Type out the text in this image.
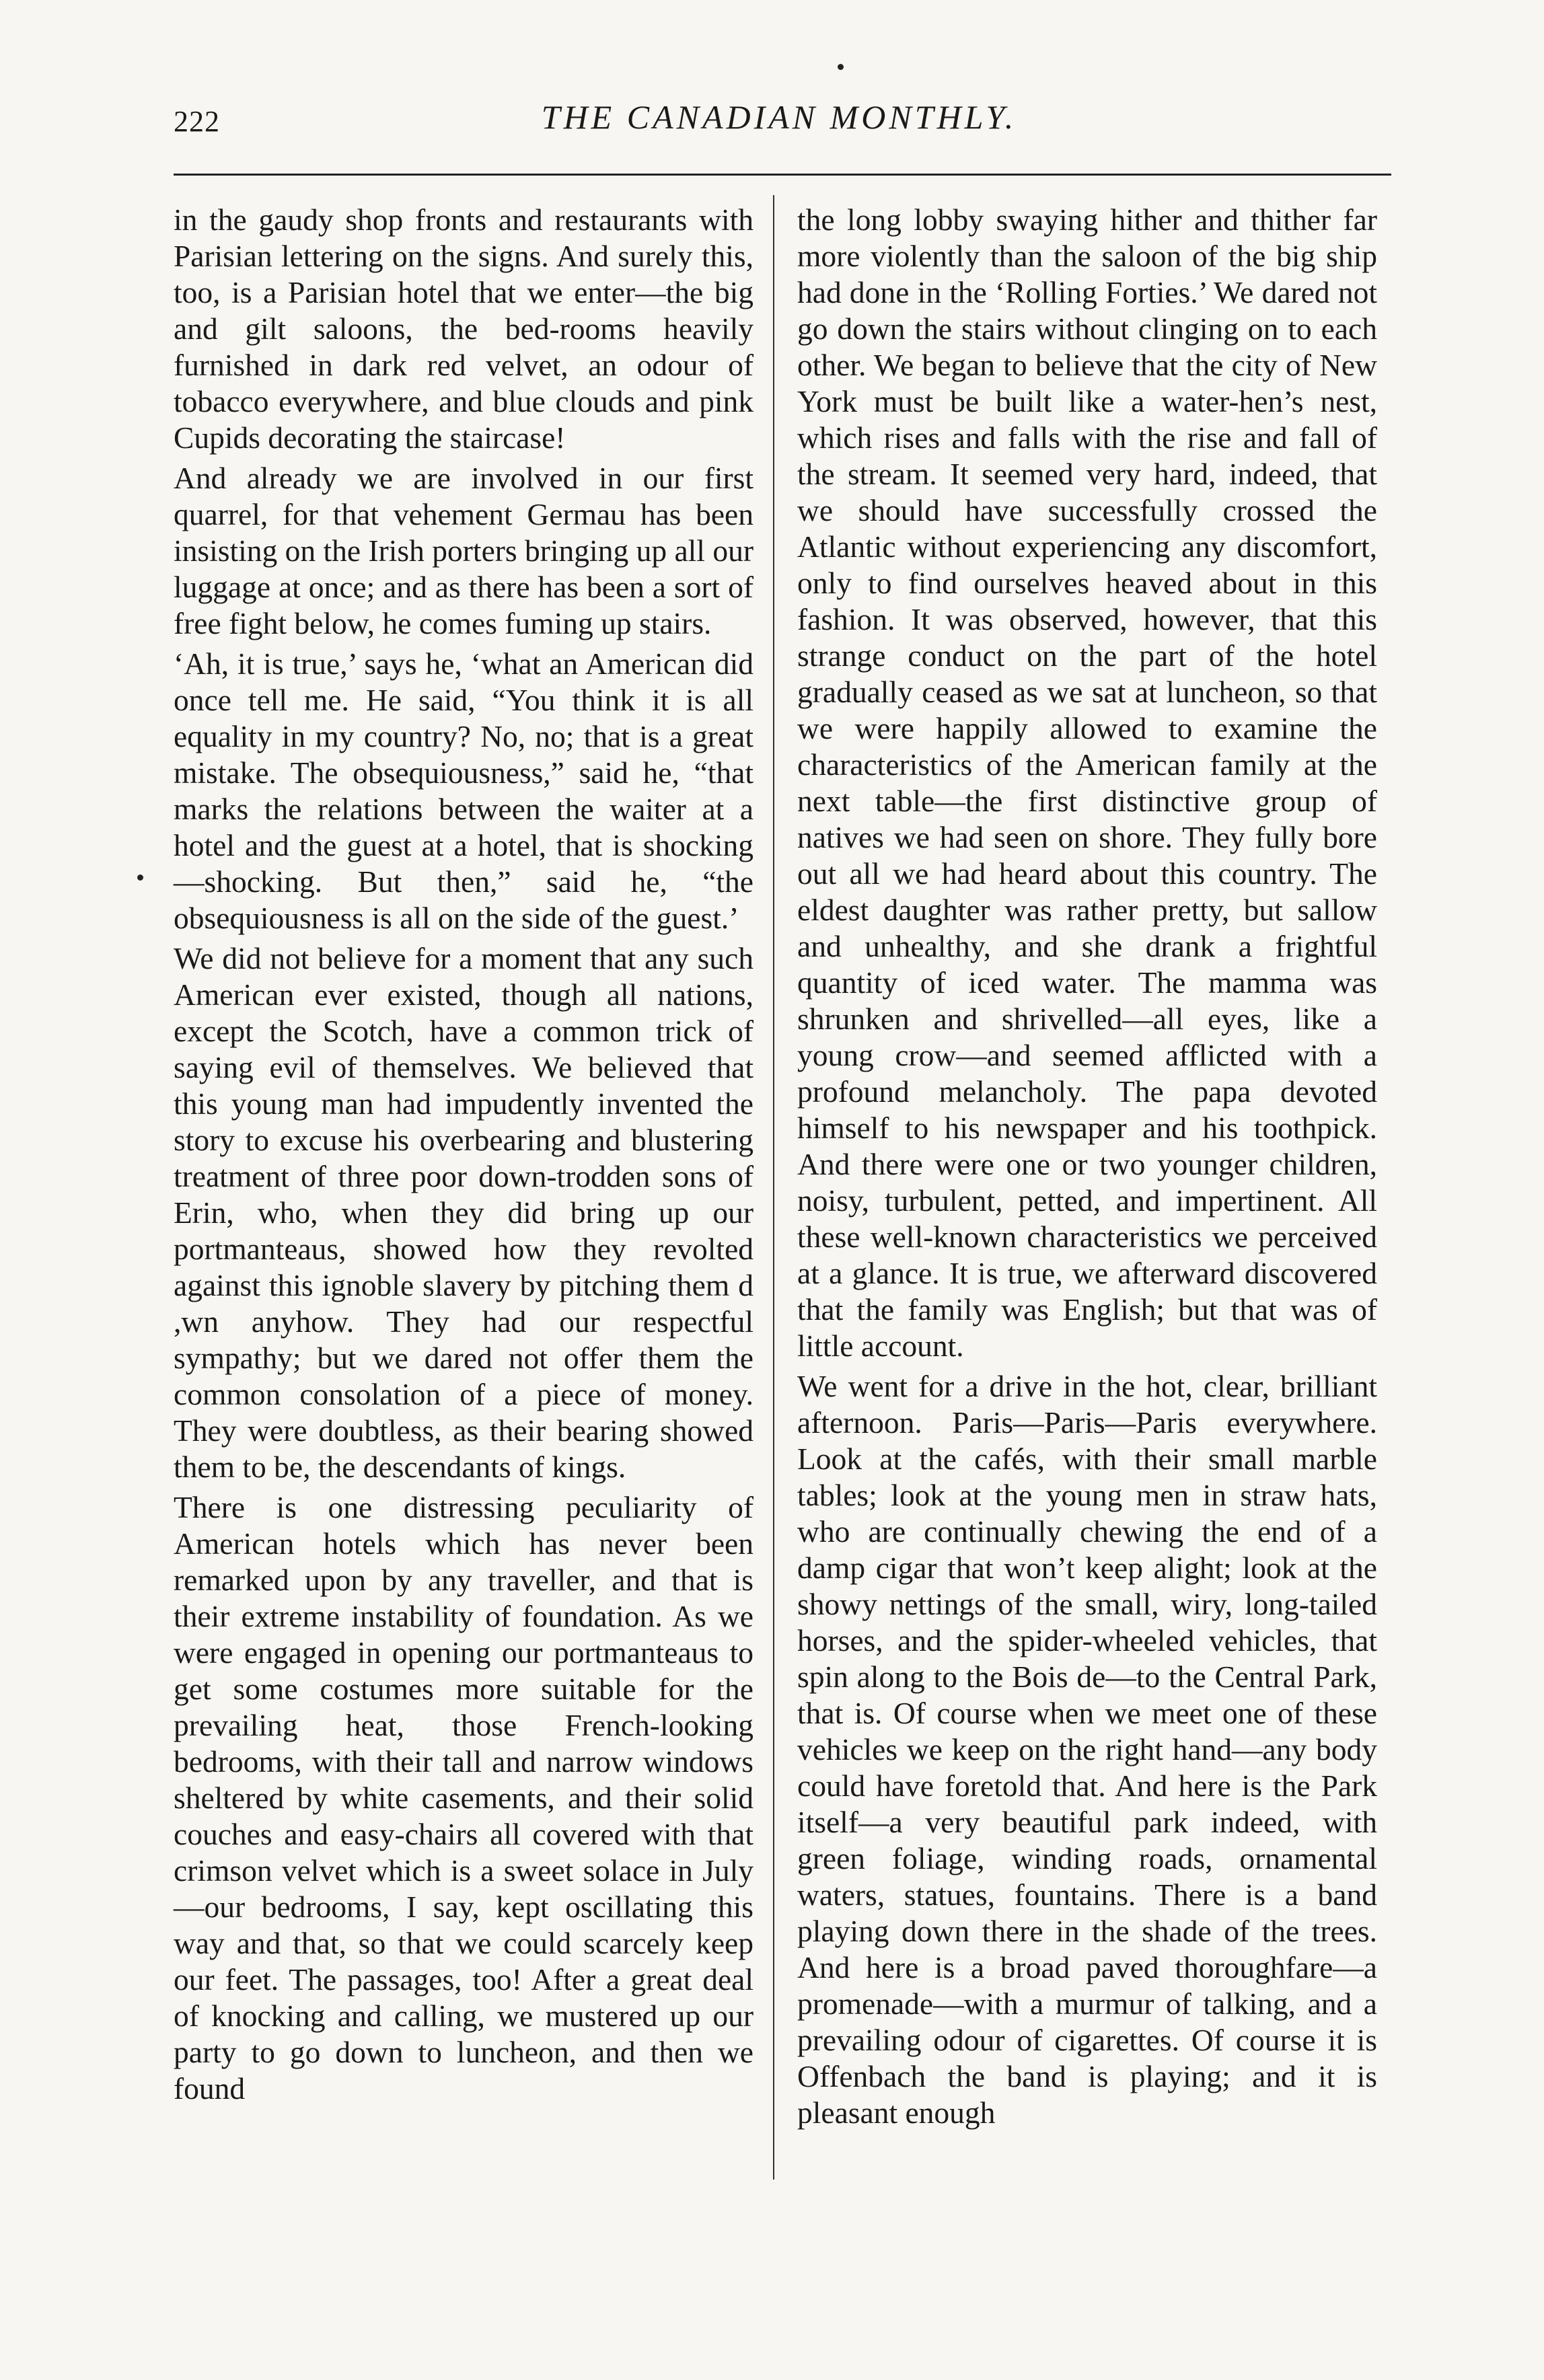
222	THE CANADIAN MONTHLY.

in the gaudy shop fronts and restaurants with Parisian lettering on the signs. And surely this, too, is a Parisian hotel that we enter—the big and gilt saloons, the bed-rooms heavily furnished in dark red velvet, an odour of tobacco everywhere, and blue clouds and pink Cupids decorating the staircase!

And already we are involved in our first quarrel, for that vehement Germau has been insisting on the Irish porters bringing up all our luggage at once; and as there has been a sort of free fight below, he comes fuming up stairs.

‘Ah, it is true,’ says he, ‘what an American did once tell me. He said, “You think it is all equality in my country? No, no; that is a great mistake. The obsequiousness,” said he, “that marks the relations between the waiter at a hotel and the guest at a hotel, that is shocking—shocking. But then,” said he, “the obsequiousness is all on the side of the guest.’

We did not believe for a moment that any such American ever existed, though all nations, except the Scotch, have a common trick of saying evil of themselves. We believed that this young man had impudently invented the story to excuse his overbearing and blustering treatment of three poor down-trodden sons of Erin, who, when they did bring up our portmanteaus, showed how they revolted against this ignoble slavery by pitching them d ,wn anyhow. They had our respectful sympathy; but we dared not offer them the common consolation of a piece of money. They were doubtless, as their bearing showed them to be, the descendants of kings.

There is one distressing peculiarity of American hotels which has never been remarked upon by any traveller, and that is their extreme instability of foundation. As we were engaged in opening our portmanteaus to get some costumes more suitable for the prevailing heat, those French-looking bedrooms, with their tall and narrow windows sheltered by white casements, and their solid couches and easy-chairs all covered with that crimson velvet which is a sweet solace in July—our bedrooms, I say, kept oscillating this way and that, so that we could scarcely keep our feet. The passages, too! After a great deal of knocking and calling, we mustered up our party to go down to luncheon, and then we found

the long lobby swaying hither and thither far more violently than the saloon of the big ship had done in the ‘Rolling Forties.’ We dared not go down the stairs without clinging on to each other. We began to believe that the city of New York must be built like a water-hen’s nest, which rises and falls with the rise and fall of the stream. It seemed very hard, indeed, that we should have successfully crossed the Atlantic without experiencing any discomfort, only to find ourselves heaved about in this fashion. It was observed, however, that this strange conduct on the part of the hotel gradually ceased as we sat at luncheon, so that we were happily allowed to examine the characteristics of the American family at the next table—the first distinctive group of natives we had seen on shore. They fully bore out all we had heard about this country. The eldest daughter was rather pretty, but sallow and unhealthy, and she drank a frightful quantity of iced water. The mamma was shrunken and shrivelled—all eyes, like a young crow—and seemed afflicted with a profound melancholy. The papa devoted himself to his newspaper and his toothpick. And there were one or two younger children, noisy, turbulent, petted, and impertinent. All these well-known characteristics we perceived at a glance. It is true, we afterward discovered that the family was English; but that was of little account.

We went for a drive in the hot, clear, brilliant afternoon. Paris—Paris—Paris everywhere. Look at the cafés, with their small marble tables; look at the young men in straw hats, who are continually chewing the end of a damp cigar that won’t keep alight; look at the showy nettings of the small, wiry, long-tailed horses, and the spider-wheeled vehicles, that spin along to the Bois de—to the Central Park, that is. Of course when we meet one of these vehicles we keep on the right hand—any body could have foretold that. And here is the Park itself—a very beautiful park indeed, with green foliage, winding roads, ornamental waters, statues, fountains. There is a band playing down there in the shade of the trees. And here is a broad paved thoroughfare—a promenade—with a murmur of talking, and a prevailing odour of cigarettes. Of course it is Offenbach the band is playing; and it is pleasant enough
